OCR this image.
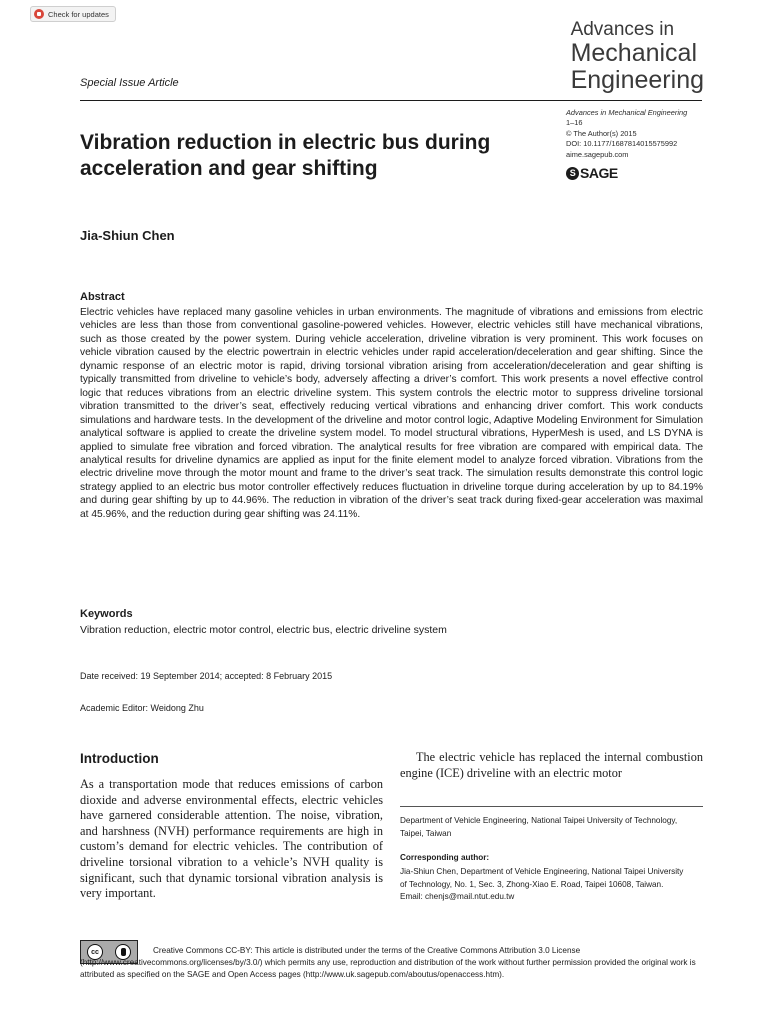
Check for updates
Advances in
Mechanical
Engineering
Special Issue Article
Advances in Mechanical Engineering
1–16
© The Author(s) 2015
DOI: 10.1177/1687814015575992
aime.sagepub.com
S SAGE
Vibration reduction in electric bus during acceleration and gear shifting
Jia-Shiun Chen
Abstract
Electric vehicles have replaced many gasoline vehicles in urban environments. The magnitude of vibrations and emissions from electric vehicles are less than those from conventional gasoline-powered vehicles. However, electric vehicles still have mechanical vibrations, such as those created by the power system. During vehicle acceleration, driveline vibration is very prominent. This work focuses on vehicle vibration caused by the electric powertrain in electric vehicles under rapid acceleration/deceleration and gear shifting. Since the dynamic response of an electric motor is rapid, driving torsional vibration arising from acceleration/deceleration and gear shifting is typically transmitted from driveline to vehicle’s body, adversely affecting a driver’s comfort. This work presents a novel effective control logic that reduces vibrations from an electric driveline system. This system controls the electric motor to suppress driveline torsional vibration transmitted to the driver’s seat, effectively reducing vertical vibrations and enhancing driver comfort. This work conducts simulations and hardware tests. In the development of the driveline and motor control logic, Adaptive Modeling Environment for Simulation analytical software is applied to create the driveline system model. To model structural vibrations, HyperMesh is used, and LS DYNA is applied to simulate free vibration and forced vibration. The analytical results for free vibration are compared with empirical data. The analytical results for driveline dynamics are applied as input for the finite element model to analyze forced vibration. Vibrations from the electric driveline move through the motor mount and frame to the driver’s seat track. The simulation results demonstrate this control logic strategy applied to an electric bus motor controller effectively reduces fluctuation in driveline torque during acceleration by up to 84.19% and during gear shifting by up to 44.96%. The reduction in vibration of the driver’s seat track during fixed-gear acceleration was maximal at 45.96%, and the reduction during gear shifting was 24.11%.
Keywords
Vibration reduction, electric motor control, electric bus, electric driveline system
Date received: 19 September 2014; accepted: 8 February 2015
Academic Editor: Weidong Zhu
Introduction
As a transportation mode that reduces emissions of carbon dioxide and adverse environmental effects, electric vehicles have garnered considerable attention. The noise, vibration, and harshness (NVH) performance requirements are high in custom’s demand for electric vehicles. The contribution of driveline torsional vibration to a vehicle’s NVH quality is significant, such that dynamic torsional vibration analysis is very important.
The electric vehicle has replaced the internal combustion engine (ICE) driveline with an electric motor
Department of Vehicle Engineering, National Taipei University of Technology, Taipei, Taiwan
Corresponding author:
Jia-Shiun Chen, Department of Vehicle Engineering, National Taipei University of Technology, No. 1, Sec. 3, Zhong-Xiao E. Road, Taipei 10608, Taiwan.
Email: chenjs@mail.ntut.edu.tw
cc	Creative Commons CC-BY: This article is distributed under the terms of the Creative Commons Attribution 3.0 License (http://www.creativecommons.org/licenses/by/3.0/) which permits any use, reproduction and distribution of the work without further permission provided the original work is attributed as specified on the SAGE and Open Access pages (http://www.uk.sagepub.com/aboutus/openaccess.htm).
